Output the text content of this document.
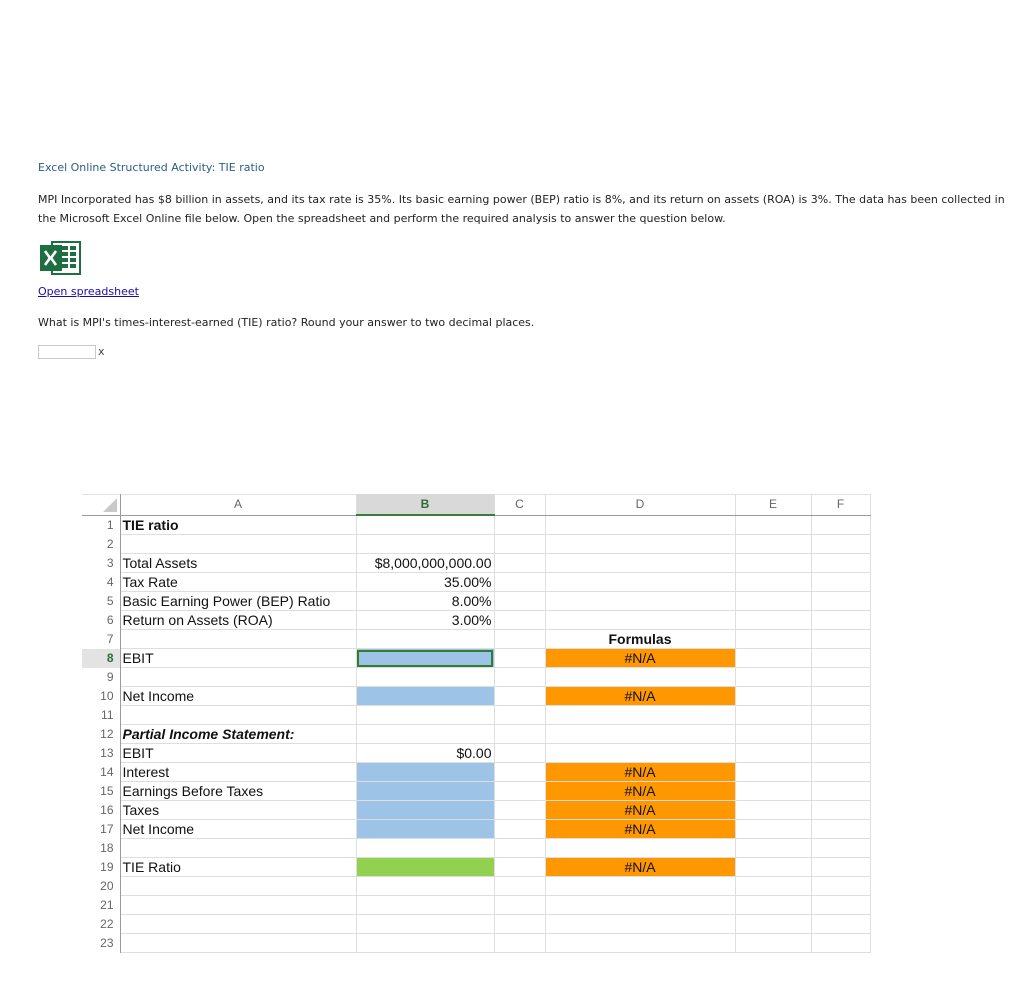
Excel Online Structured Activity: TIE ratio
MPI Incorporated has $8 billion in assets, and its tax rate is 35%. Its basic earning power (BEP) ratio is 8%, and its return on assets (ROA) is 3%. The data has been collected in the Microsoft Excel Online file below. Open the spreadsheet and perform the required analysis to answer the question below.
Open spreadsheet
What is MPI's times-interest-earned (TIE) ratio? Round your answer to two decimal places.
x
	A	B	C	D	E	F
1	TIE ratio					
2						
3	Total Assets	$8,000,000,000.00				
4	Tax Rate	35.00%				
5	Basic Earning Power (BEP) Ratio	8.00%				
6	Return on Assets (ROA)	3.00%				
7				Formulas		
8	EBIT			#N/A		
9						
10	Net Income			#N/A		
11						
12	Partial Income Statement:					
13	EBIT	$0.00				
14	Interest			#N/A		
15	Earnings Before Taxes			#N/A		
16	Taxes			#N/A		
17	Net Income			#N/A		
18						
19	TIE Ratio			#N/A		
20						
21						
22						
23						
